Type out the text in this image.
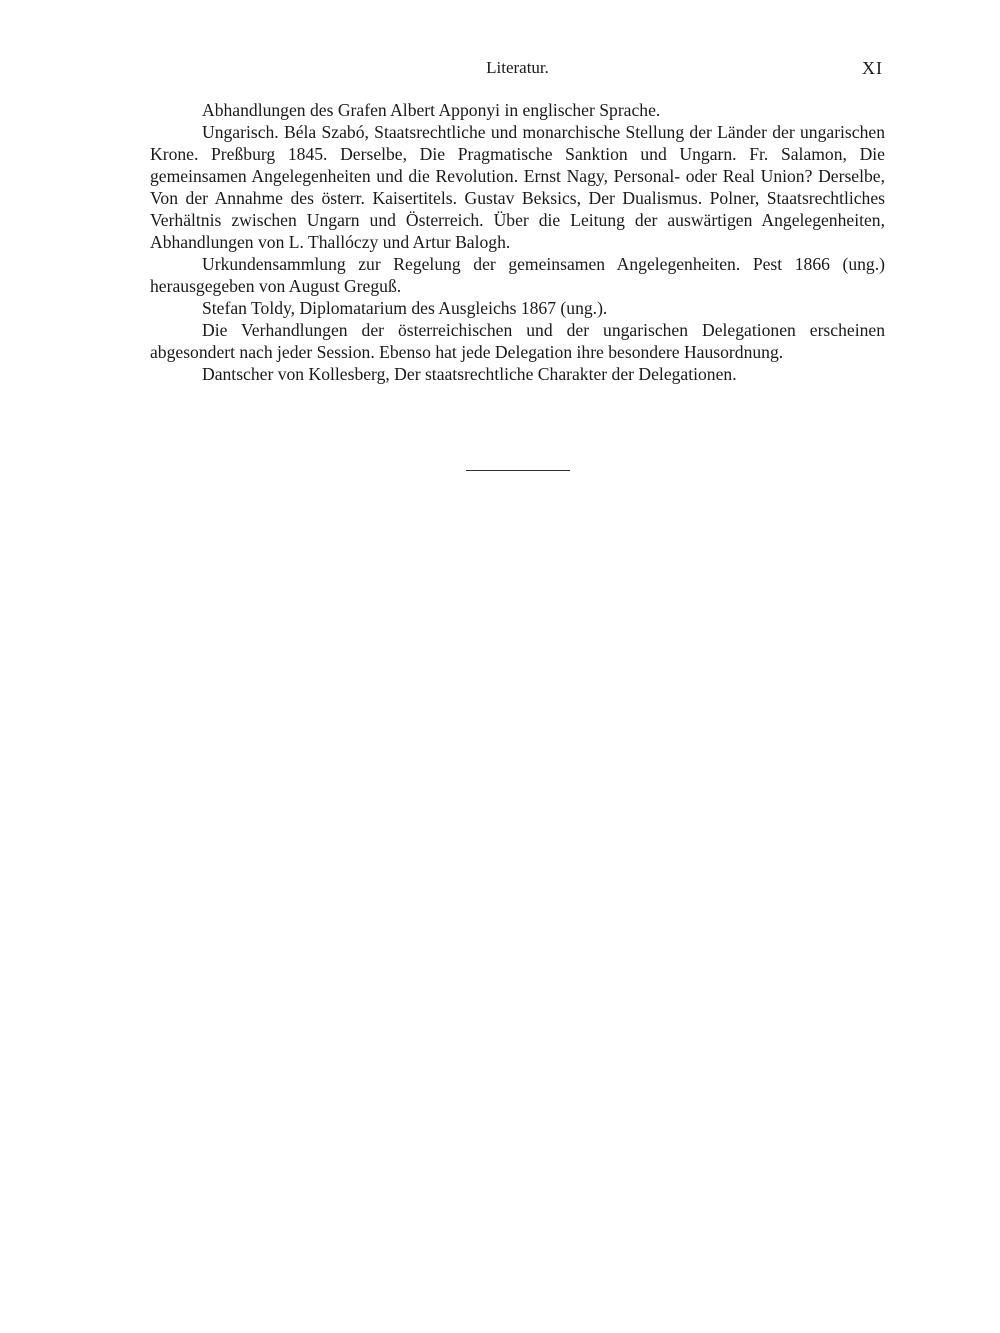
Literatur.	XI

Abhandlungen des Grafen Albert Apponyi in englischer Sprache.

Ungarisch. Béla Szabó, Staatsrechtliche und monarchische Stellung der Länder der ungarischen Krone. Preßburg 1845. Derselbe, Die Pragmatische Sanktion und Ungarn. Fr. Salamon, Die gemeinsamen Angelegenheiten und die Revolution. Ernst Nagy, Personal- oder Real Union? Derselbe, Von der Annahme des österr. Kaisertitels. Gustav Beksics, Der Dualismus. Polner, Staatsrechtliches Verhältnis zwischen Ungarn und Österreich. Über die Leitung der auswärtigen Angelegenheiten, Abhandlungen von L. Thallóczy und Artur Balogh.

Urkundensammlung zur Regelung der gemeinsamen Angelegenheiten. Pest 1866 (ung.) herausgegeben von August Greguß.

Stefan Toldy, Diplomatarium des Ausgleichs 1867 (ung.).

Die Verhandlungen der österreichischen und der ungarischen Delegationen erscheinen abgesondert nach jeder Session. Ebenso hat jede Delegation ihre besondere Hausordnung.

Dantscher von Kollesberg, Der staatsrechtliche Charakter der Delegationen.
